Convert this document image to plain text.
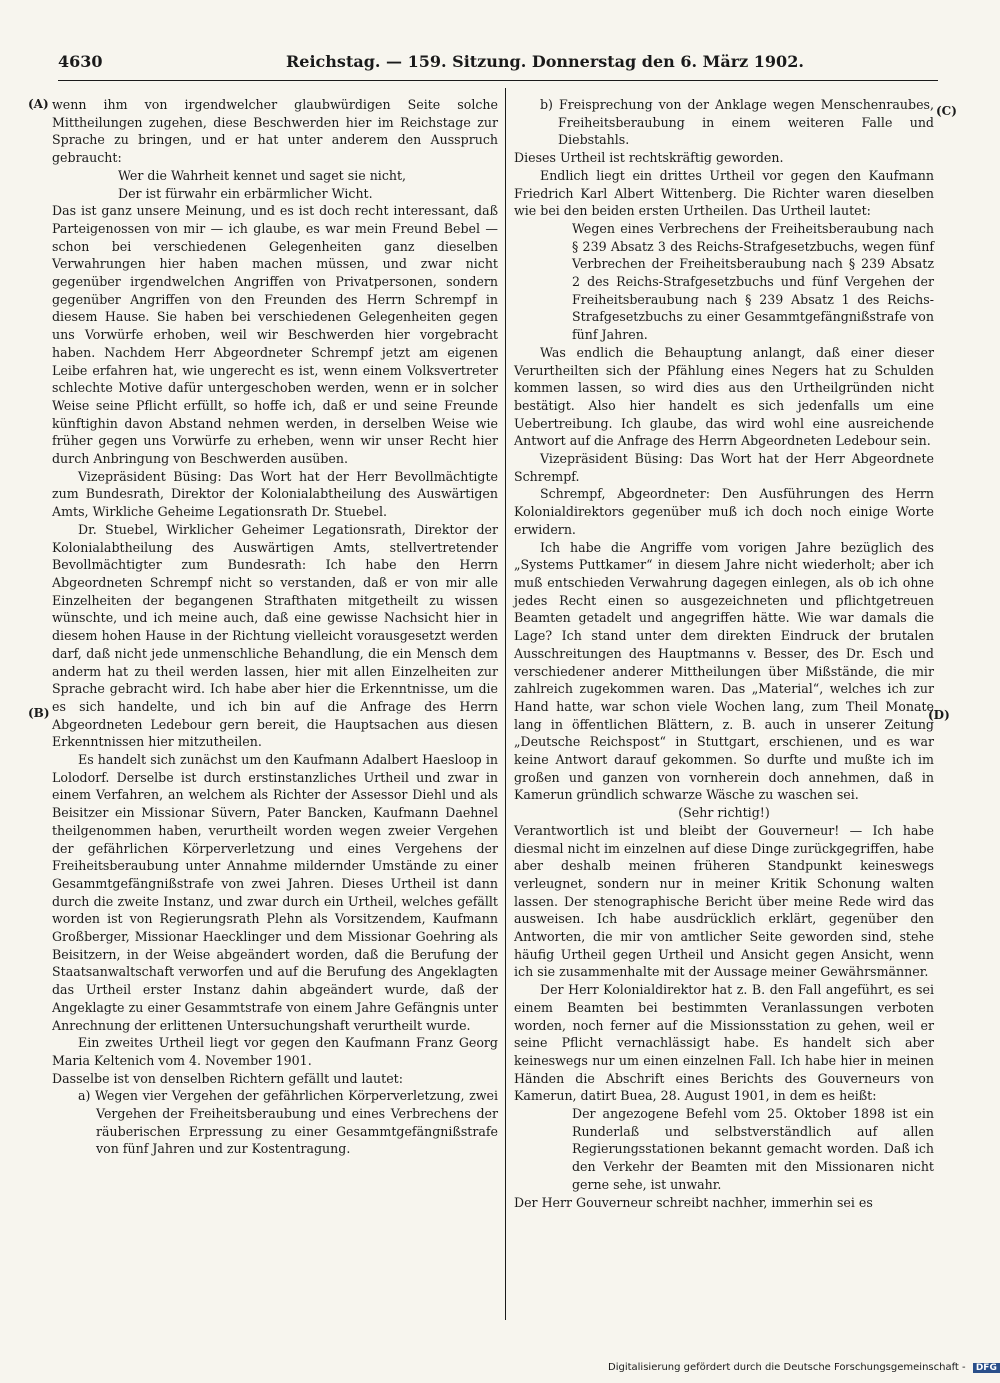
4630	Reichstag. — 159. Sitzung. Donnerstag den 6. März 1902.
(A)
(B)
(C)
(D)

wenn ihm von irgendwelcher glaubwürdigen Seite solche Mittheilungen zugehen, diese Beschwerden hier im Reichstage zur Sprache zu bringen, und er hat unter anderem den Ausspruch gebraucht:

Wer die Wahrheit kennet und saget sie nicht,

Der ist fürwahr ein erbärmlicher Wicht.

Das ist ganz unsere Meinung, und es ist doch recht interessant, daß Parteigenossen von mir — ich glaube, es war mein Freund Bebel — schon bei verschiedenen Gelegenheiten ganz dieselben Verwahrungen hier haben machen müssen, und zwar nicht gegenüber irgendwelchen Angriffen von Privatpersonen, sondern gegenüber Angriffen von den Freunden des Herrn Schrempf in diesem Hause. Sie haben bei verschiedenen Gelegenheiten gegen uns Vorwürfe erhoben, weil wir Beschwerden hier vorgebracht haben. Nachdem Herr Abgeordneter Schrempf jetzt am eigenen Leibe erfahren hat, wie ungerecht es ist, wenn einem Volksvertreter schlechte Motive dafür untergeschoben werden, wenn er in solcher Weise seine Pflicht erfüllt, so hoffe ich, daß er und seine Freunde künftighin davon Abstand nehmen werden, in derselben Weise wie früher gegen uns Vorwürfe zu erheben, wenn wir unser Recht hier durch Anbringung von Beschwerden ausüben.

Vizepräsident Büsing: Das Wort hat der Herr Bevollmächtigte zum Bundesrath, Direktor der Kolonialabtheilung des Auswärtigen Amts, Wirkliche Geheime Legationsrath Dr. Stuebel.

Dr. Stuebel, Wirklicher Geheimer Legationsrath, Direktor der Kolonialabtheilung des Auswärtigen Amts, stellvertretender Bevollmächtigter zum Bundesrath: Ich habe den Herrn Abgeordneten Schrempf nicht so verstanden, daß er von mir alle Einzelheiten der begangenen Strafthaten mitgetheilt zu wissen wünschte, und ich meine auch, daß eine gewisse Nachsicht hier in diesem hohen Hause in der Richtung vielleicht vorausgesetzt werden darf, daß nicht jede unmenschliche Behandlung, die ein Mensch dem anderm hat zu theil werden lassen, hier mit allen Einzelheiten zur Sprache gebracht wird. Ich habe aber hier die Erkenntnisse, um die es sich handelte, und ich bin auf die Anfrage des Herrn Abgeordneten Ledebour gern bereit, die Hauptsachen aus diesen Erkenntnissen hier mitzutheilen.

Es handelt sich zunächst um den Kaufmann Adalbert Haesloop in Lolodorf. Derselbe ist durch erstinstanzliches Urtheil und zwar in einem Verfahren, an welchem als Richter der Assessor Diehl und als Beisitzer ein Missionar Süvern, Pater Bancken, Kaufmann Daehnel theilgenommen haben, verurtheilt worden wegen zweier Vergehen der gefährlichen Körperverletzung und eines Vergehens der Freiheitsberaubung unter Annahme mildernder Umstände zu einer Gesammtgefängnißstrafe von zwei Jahren. Dieses Urtheil ist dann durch die zweite Instanz, und zwar durch ein Urtheil, welches gefällt worden ist von Regierungsrath Plehn als Vorsitzendem, Kaufmann Großberger, Missionar Haecklinger und dem Missionar Goehring als Beisitzern, in der Weise abgeändert worden, daß die Berufung der Staatsanwaltschaft verworfen und auf die Berufung des Angeklagten das Urtheil erster Instanz dahin abgeändert wurde, daß der Angeklagte zu einer Gesammtstrafe von einem Jahre Gefängnis unter Anrechnung der erlittenen Untersuchungshaft verurtheilt wurde.

Ein zweites Urtheil liegt vor gegen den Kaufmann Franz Georg Maria Keltenich vom 4. November 1901.

Dasselbe ist von denselben Richtern gefällt und lautet:

a) Wegen vier Vergehen der gefährlichen Körperverletzung, zwei Vergehen der Freiheitsberaubung und eines Verbrechens der räuberischen Erpressung zu einer Gesammtgefängnißstrafe von fünf Jahren und zur Kostentragung.

b) Freisprechung von der Anklage wegen Menschenraubes, Freiheitsberaubung in einem weiteren Falle und Diebstahls.

Dieses Urtheil ist rechtskräftig geworden.

Endlich liegt ein drittes Urtheil vor gegen den Kaufmann Friedrich Karl Albert Wittenberg. Die Richter waren dieselben wie bei den beiden ersten Urtheilen. Das Urtheil lautet:

Wegen eines Verbrechens der Freiheitsberaubung nach § 239 Absatz 3 des Reichs-Strafgesetzbuchs, wegen fünf Verbrechen der Freiheitsberaubung nach § 239 Absatz 2 des Reichs-Strafgesetzbuchs und fünf Vergehen der Freiheitsberaubung nach § 239 Absatz 1 des Reichs-Strafgesetzbuchs zu einer Gesammtgefängnißstrafe von fünf Jahren.

Was endlich die Behauptung anlangt, daß einer dieser Verurtheilten sich der Pfählung eines Negers hat zu Schulden kommen lassen, so wird dies aus den Urtheilgründen nicht bestätigt. Also hier handelt es sich jedenfalls um eine Uebertreibung. Ich glaube, das wird wohl eine ausreichende Antwort auf die Anfrage des Herrn Abgeordneten Ledebour sein.

Vizepräsident Büsing: Das Wort hat der Herr Abgeordnete Schrempf.

Schrempf, Abgeordneter: Den Ausführungen des Herrn Kolonialdirektors gegenüber muß ich doch noch einige Worte erwidern.

Ich habe die Angriffe vom vorigen Jahre bezüglich des „Systems Puttkamer“ in diesem Jahre nicht wiederholt; aber ich muß entschieden Verwahrung dagegen einlegen, als ob ich ohne jedes Recht einen so ausgezeichneten und pflichtgetreuen Beamten getadelt und angegriffen hätte. Wie war damals die Lage? Ich stand unter dem direkten Eindruck der brutalen Ausschreitungen des Hauptmanns v. Besser, des Dr. Esch und verschiedener anderer Mittheilungen über Mißstände, die mir zahlreich zugekommen waren. Das „Material“, welches ich zur Hand hatte, war schon viele Wochen lang, zum Theil Monate lang in öffentlichen Blättern, z. B. auch in unserer Zeitung „Deutsche Reichspost“ in Stuttgart, erschienen, und es war keine Antwort darauf gekommen. So durfte und mußte ich im großen und ganzen von vornherein doch annehmen, daß in Kamerun gründlich schwarze Wäsche zu waschen sei.

(Sehr richtig!)

Verantwortlich ist und bleibt der Gouverneur! — Ich habe diesmal nicht im einzelnen auf diese Dinge zurückgegriffen, habe aber deshalb meinen früheren Standpunkt keineswegs verleugnet, sondern nur in meiner Kritik Schonung walten lassen. Der stenographische Bericht über meine Rede wird das ausweisen. Ich habe ausdrücklich erklärt, gegenüber den Antworten, die mir von amtlicher Seite geworden sind, stehe häufig Urtheil gegen Urtheil und Ansicht gegen Ansicht, wenn ich sie zusammenhalte mit der Aussage meiner Gewährsmänner.

Der Herr Kolonialdirektor hat z. B. den Fall angeführt, es sei einem Beamten bei bestimmten Veranlassungen verboten worden, noch ferner auf die Missionsstation zu gehen, weil er seine Pflicht vernachlässigt habe. Es handelt sich aber keineswegs nur um einen einzelnen Fall. Ich habe hier in meinen Händen die Abschrift eines Berichts des Gouverneurs von Kamerun, datirt Buea, 28. August 1901, in dem es heißt:

Der angezogene Befehl vom 25. Oktober 1898 ist ein Runderlaß und selbstverständlich auf allen Regierungsstationen bekannt gemacht worden. Daß ich den Verkehr der Beamten mit den Missionaren nicht gerne sehe, ist unwahr.

Der Herr Gouverneur schreibt nachher, immerhin sei es

Digitalisierung gefördert durch die Deutsche Forschungsgemeinschaft - DFG
